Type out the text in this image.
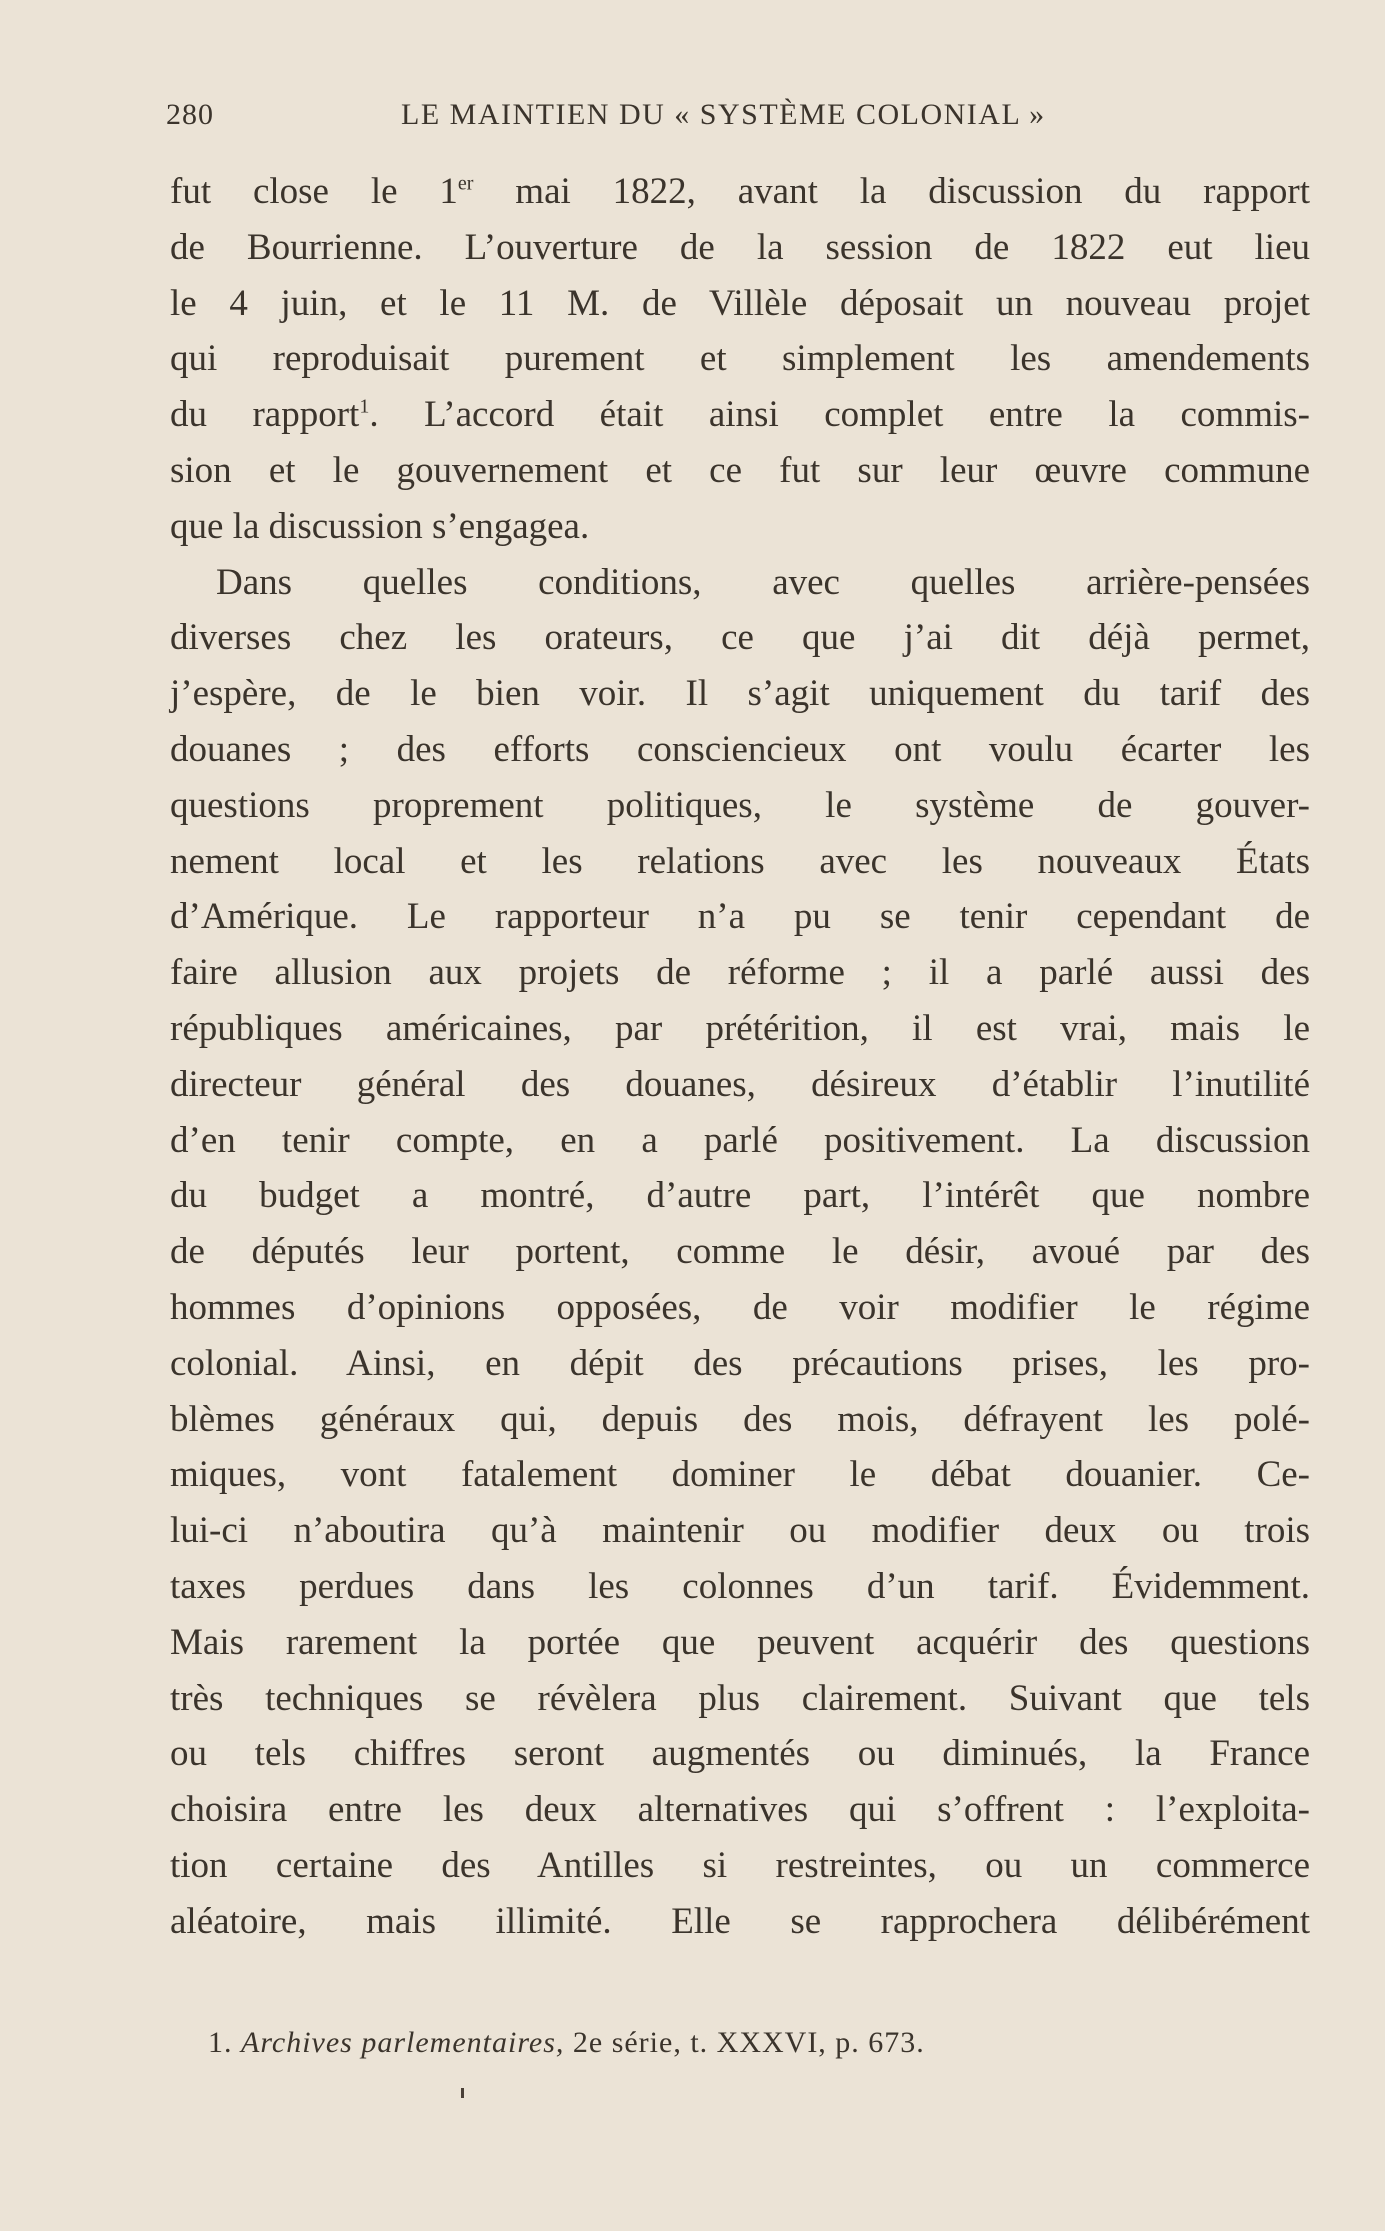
280	LE MAINTIEN DU « SYSTÈME COLONIAL »
fut close le 1er mai 1822, avant la discussion du rapport
de Bourrienne. L’ouverture de la session de 1822 eut lieu
le 4 juin, et le 11 M. de Villèle déposait un nouveau projet
qui reproduisait purement et simplement les amendements
du rapport$^1$. L’accord était ainsi complet entre la commis-
sion et le gouvernement et ce fut sur leur œuvre commune
que la discussion s’engagea.
Dans quelles conditions, avec quelles arrière-pensées
diverses chez les orateurs, ce que j’ai dit déjà permet,
j’espère, de le bien voir. Il s’agit uniquement du tarif des
douanes ; des efforts consciencieux ont voulu écarter les
questions proprement politiques, le système de gouver-
nement local et les relations avec les nouveaux États
d’Amérique. Le rapporteur n’a pu se tenir cependant de
faire allusion aux projets de réforme ; il a parlé aussi des
républiques américaines, par prétérition, il est vrai, mais le
directeur général des douanes, désireux d’établir l’inutilité
d’en tenir compte, en a parlé positivement. La discussion
du budget a montré, d’autre part, l’intérêt que nombre
de députés leur portent, comme le désir, avoué par des
hommes d’opinions opposées, de voir modifier le régime
colonial. Ainsi, en dépit des précautions prises, les pro-
blèmes généraux qui, depuis des mois, défrayent les polé-
miques, vont fatalement dominer le débat douanier. Ce-
lui-ci n’aboutira qu’à maintenir ou modifier deux ou trois
taxes perdues dans les colonnes d’un tarif. Évidemment.
Mais rarement la portée que peuvent acquérir des questions
très techniques se révèlera plus clairement. Suivant que tels
ou tels chiffres seront augmentés ou diminués, la France
choisira entre les deux alternatives qui s’offrent : l’exploita-
tion certaine des Antilles si restreintes, ou un commerce
aléatoire, mais illimité. Elle se rapprochera délibérément
1. Archives parlementaires, 2e série, t. XXXVI, p. 673.
